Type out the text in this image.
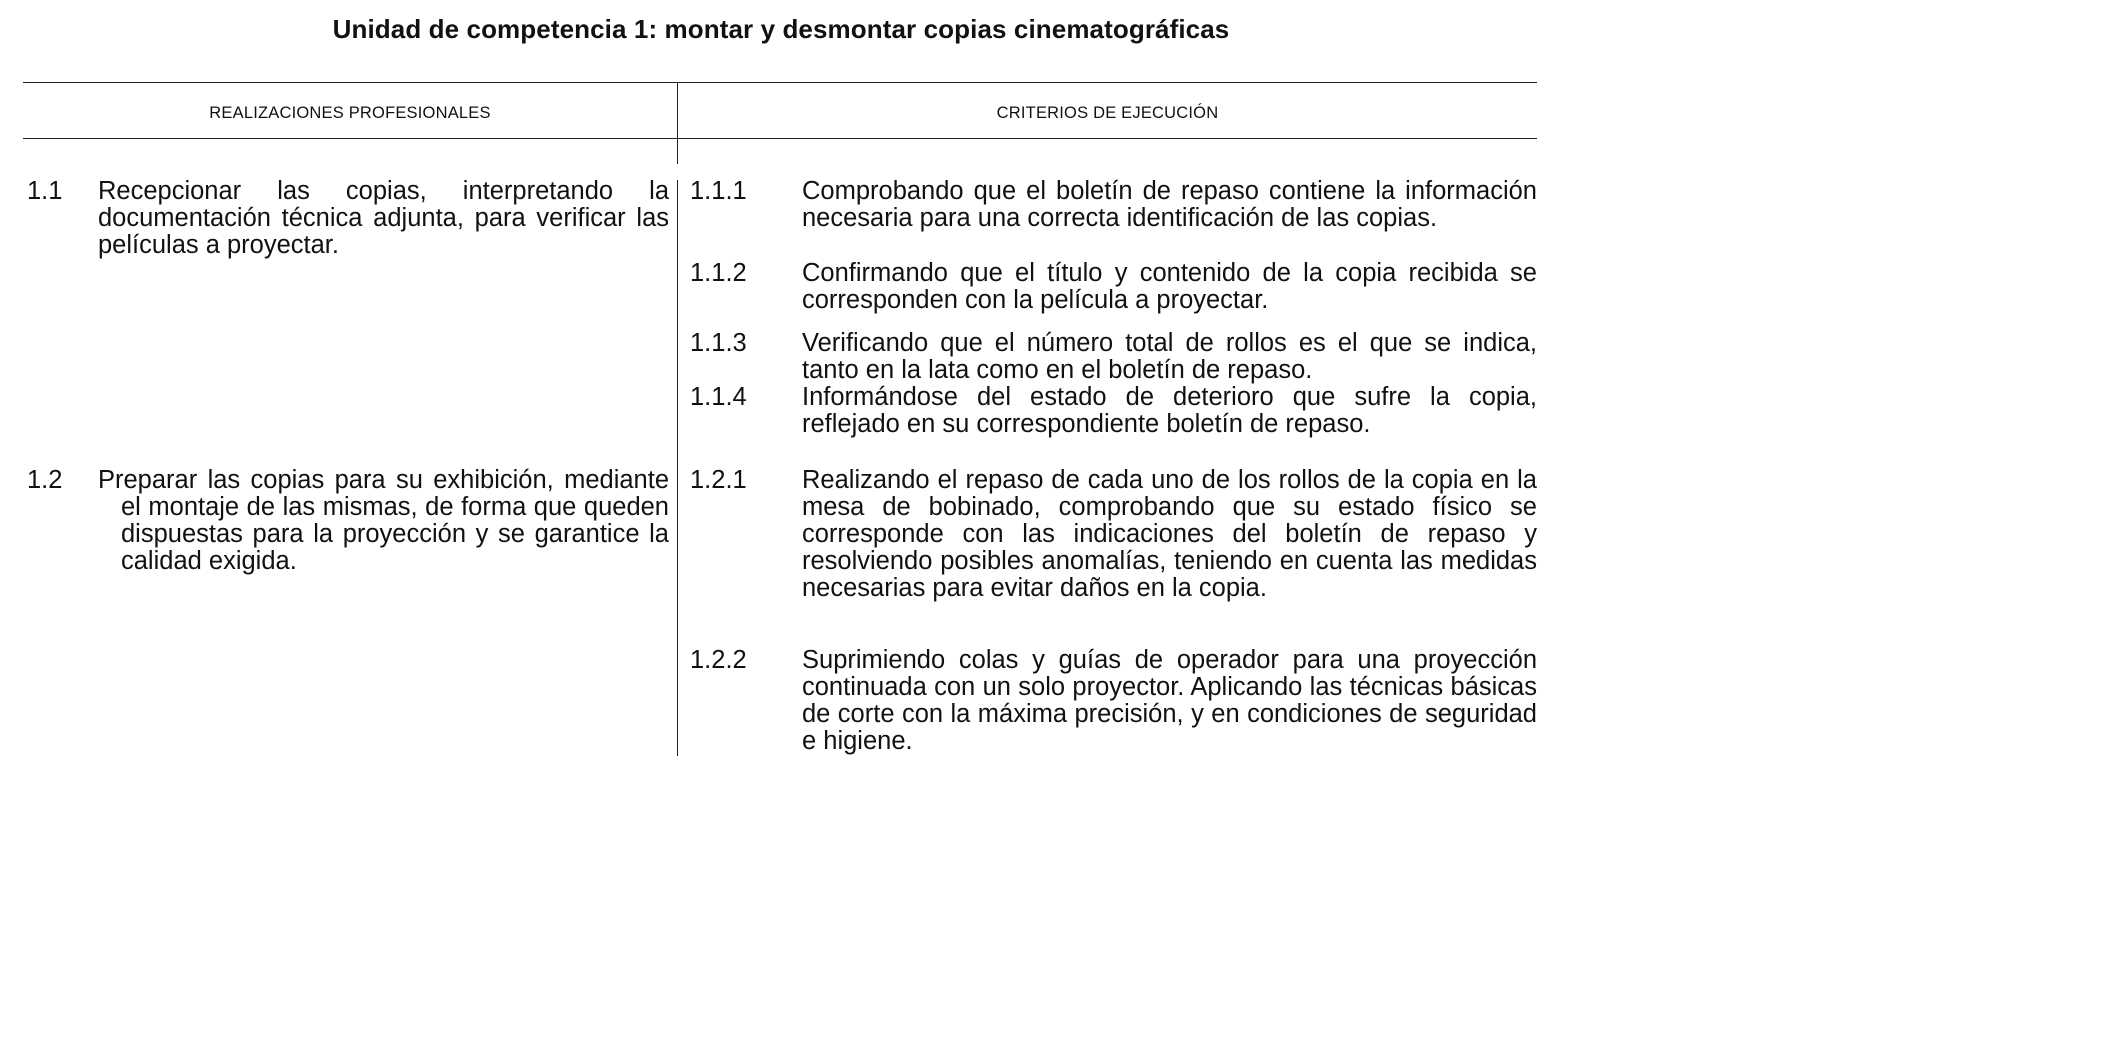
Unidad de competencia 1: montar y desmontar copias cinematográficas
REALIZACIONES PROFESIONALES	CRITERIOS DE EJECUCIÓN
1.1 Recepcionar las copias, interpretando la documentación técnica adjunta, para verificar las películas a proyectar.
1.2 Preparar las copias para su exhibición, mediante el montaje de las mismas, de forma que queden dispuestas para la proyección y se garantice la calidad exigida.
1.1.1 Comprobando que el boletín de repaso contiene la información necesaria para una correcta identificación de las copias.
1.1.2 Confirmando que el título y contenido de la copia recibida se corresponden con la película a proyectar.
1.1.3 Verificando que el número total de rollos es el que se indica, tanto en la lata como en el boletín de repaso.
1.1.4 Informándose del estado de deterioro que sufre la copia, reflejado en su correspondiente boletín de repaso.
1.2.1 Realizando el repaso de cada uno de los rollos de la copia en la mesa de bobinado, comprobando que su estado físico se corresponde con las indicaciones del boletín de repaso y resolviendo posibles anomalías, teniendo en cuenta las medidas necesarias para evitar daños en la copia.
1.2.2 Suprimiendo colas y guías de operador para una proyección continuada con un solo proyector. Aplicando las técnicas básicas de corte con la máxima precisión, y en condiciones de seguridad e higiene.
